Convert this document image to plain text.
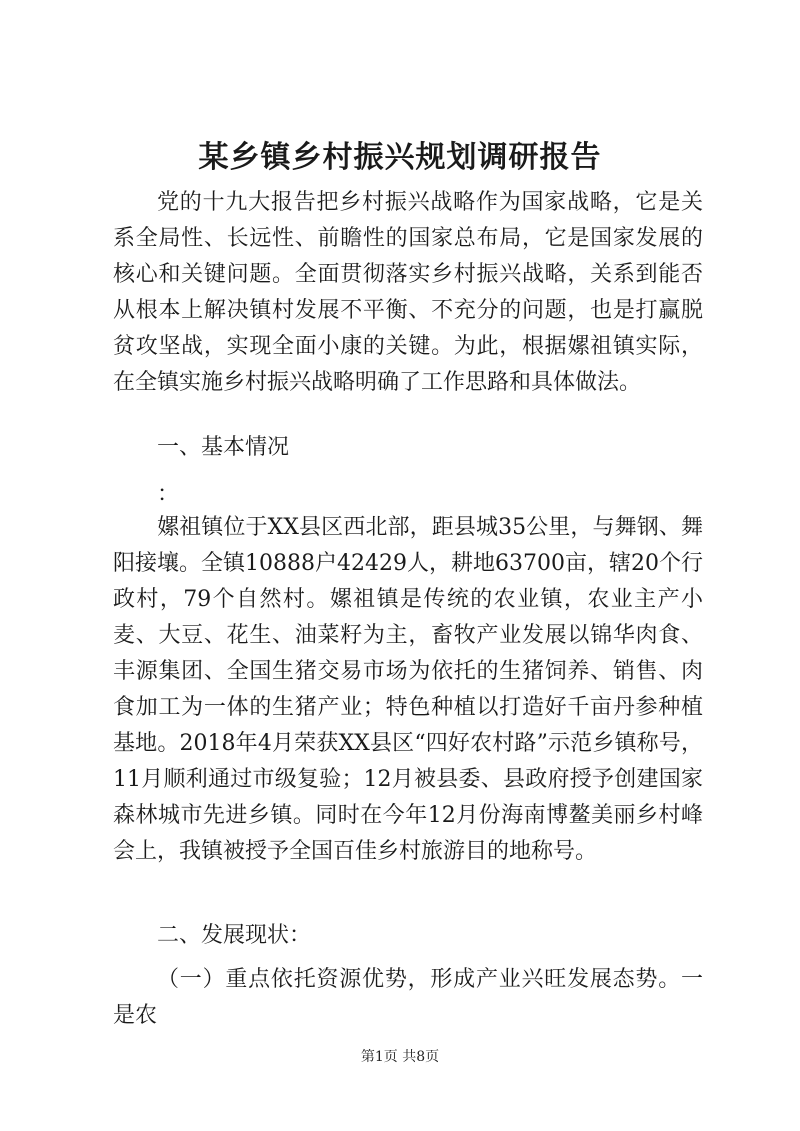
某乡镇乡村振兴规划调研报告

党的十九大报告把乡村振兴战略作为国家战略，它是关系全局性、长远性、前瞻性的国家总布局，它是国家发展的核心和关键问题。全面贯彻落实乡村振兴战略，关系到能否从根本上解决镇村发展不平衡、不充分的问题，也是打赢脱贫攻坚战，实现全面小康的关键。为此，根据嫘祖镇实际，在全镇实施乡村振兴战略明确了工作思路和具体做法。

一、基本情况

：

嫘祖镇位于XX县区西北部，距县城35公里，与舞钢、舞阳接壤。全镇10888户42429人，耕地63700亩，辖20个行政村，79个自然村。嫘祖镇是传统的农业镇，农业主产小麦、大豆、花生、油菜籽为主，畜牧产业发展以锦华肉食、丰源集团、全国生猪交易市场为依托的生猪饲养、销售、肉食加工为一体的生猪产业；特色种植以打造好千亩丹参种植基地。2018年4月荣获XX县区“四好农村路”示范乡镇称号，11月顺利通过市级复验；12月被县委、县政府授予创建国家森林城市先进乡镇。同时在今年12月份海南博鳌美丽乡村峰会上，我镇被授予全国百佳乡村旅游目的地称号。

二、发展现状：

（一）重点依托资源优势，形成产业兴旺发展态势。一是农

第1页 共8页
